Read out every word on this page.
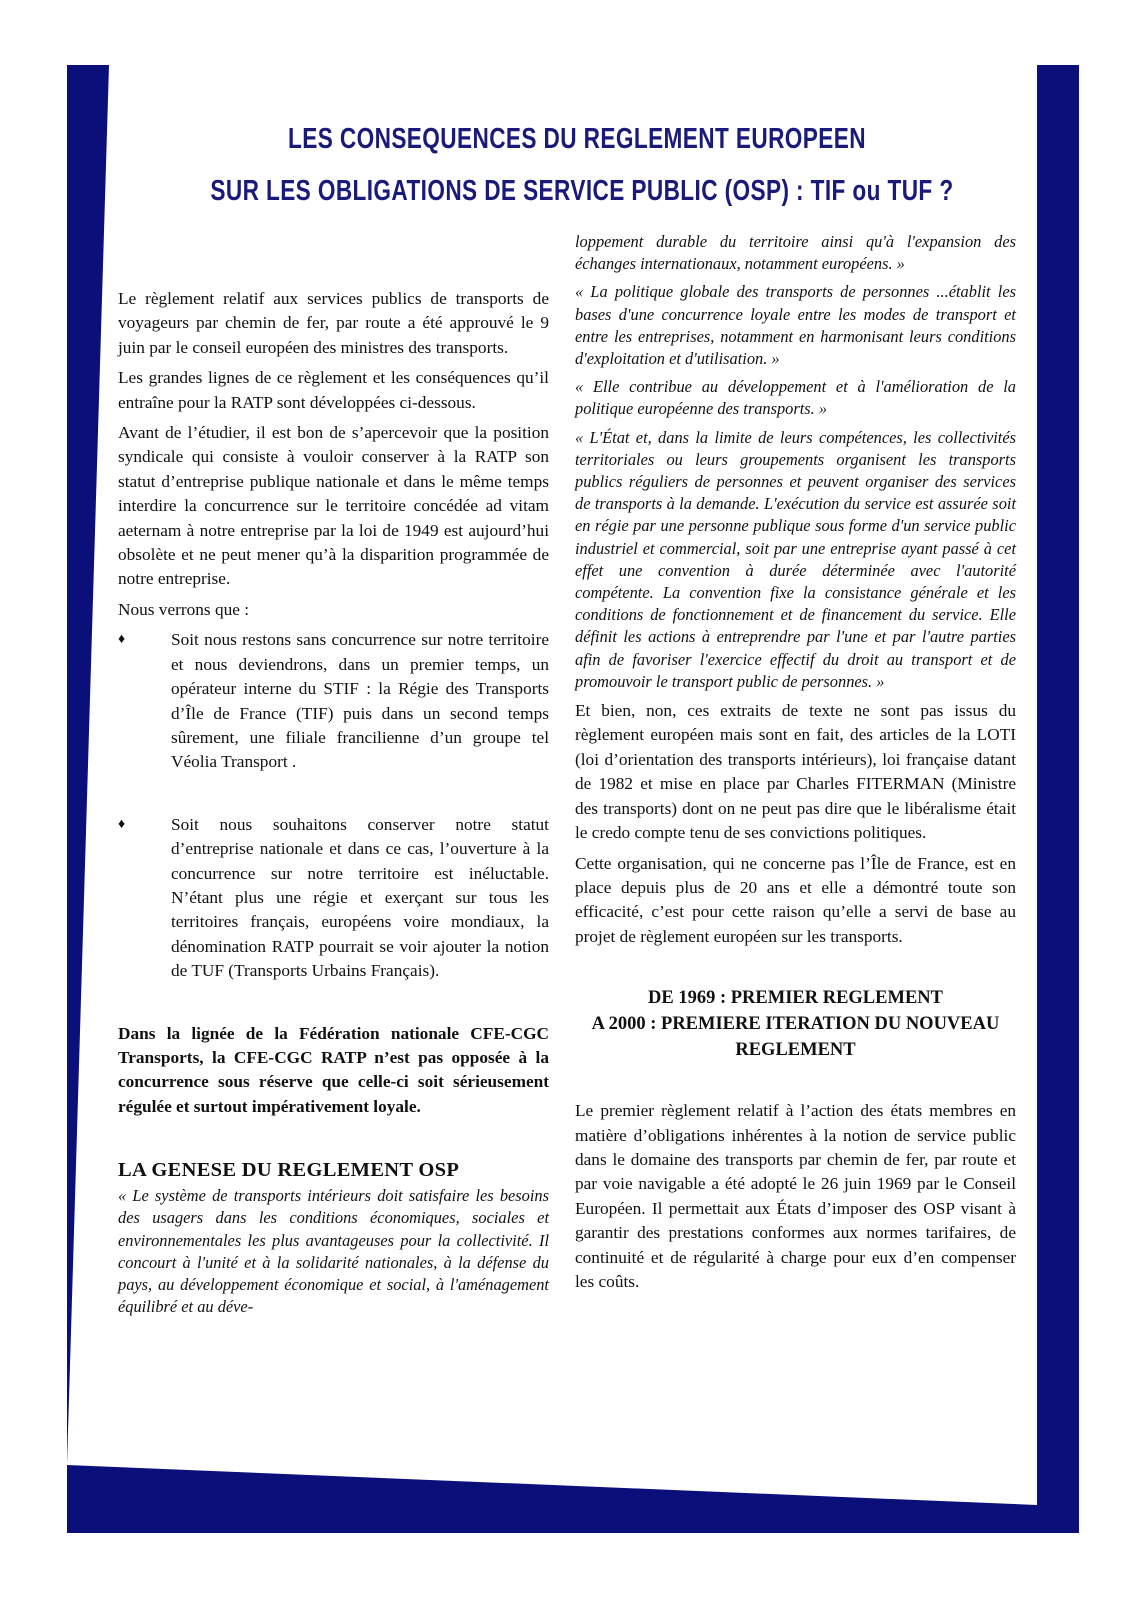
LES CONSEQUENCES DU REGLEMENT EUROPEEN
SUR LES OBLIGATIONS DE SERVICE PUBLIC (OSP) : TIF ou TUF ?

Le règlement relatif aux services publics de transports de voyageurs par chemin de fer, par route a été approuvé le 9 juin par le conseil européen des ministres des transports.

Les grandes lignes de ce règlement et les conséquences qu’il entraîne pour la RATP sont développées ci-dessous.

Avant de l’étudier, il est bon de s’apercevoir que la position syndicale qui consiste à vouloir conserver à la RATP son statut d’entreprise publique nationale et dans le même temps interdire la concurrence sur le territoire concédée ad vitam aeternam à notre entreprise par la loi de 1949 est aujourd’hui obsolète et ne peut mener qu’à la disparition programmée de notre entreprise.

Nous verrons que :

♦	Soit nous restons sans concurrence sur notre territoire et nous deviendrons, dans un premier temps, un opérateur interne du STIF : la Régie des Transports d’Île de France (TIF) puis dans un second temps sûrement, une filiale francilienne d’un groupe tel Véolia Transport .
♦	Soit nous souhaitons conserver notre statut d’entreprise nationale et dans ce cas, l’ouverture à la concurrence sur notre territoire est inéluctable. N’étant plus une régie et exerçant sur tous les territoires français, européens voire mondiaux, la dénomination RATP pourrait se voir ajouter la notion de TUF (Transports Urbains Français).

Dans la lignée de la Fédération nationale CFE-CGC Transports, la CFE-CGC RATP n’est pas opposée à la concurrence sous réserve que celle-ci soit sérieusement régulée et surtout impérativement loyale.

LA GENESE DU REGLEMENT OSP

« Le système de transports intérieurs doit satisfaire les besoins des usagers dans les conditions économiques, sociales et environnementales les plus avantageuses pour la collectivité. Il concourt à l'unité et à la solidarité nationales, à la défense du pays, au développement économique et social, à l'aménagement équilibré et au déve-

loppement durable du territoire ainsi qu'à l'expansion des échanges internationaux, notamment européens. »

« La politique globale des transports de personnes ...établit les bases d'une concurrence loyale entre les modes de transport et entre les entreprises, notamment en harmonisant leurs conditions d'exploitation et d'utilisation. »

« Elle contribue au développement et à l'amélioration de la politique européenne des transports. »

« L'État et, dans la limite de leurs compétences, les collectivités territoriales ou leurs groupements organisent les transports publics réguliers de personnes et peuvent organiser des services de transports à la demande. L'exécution du service est assurée soit en régie par une personne publique sous forme d'un service public industriel et commercial, soit par une entreprise ayant passé à cet effet une convention à durée déterminée avec l'autorité compétente. La convention fixe la consistance générale et les conditions de fonctionnement et de financement du service. Elle définit les actions à entreprendre par l'une et par l'autre parties afin de favoriser l'exercice effectif du droit au transport et de promouvoir le transport public de personnes. »

Et bien, non, ces extraits de texte ne sont pas issus du règlement européen mais sont en fait, des articles de la LOTI (loi d’orientation des transports intérieurs), loi française datant de 1982 et mise en place par Charles FITERMAN (Ministre des transports) dont on ne peut pas dire que le libéralisme était le credo compte tenu de ses convictions politiques.

Cette organisation, qui ne concerne pas l’Île de France, est en place depuis plus de 20 ans et elle a démontré toute son efficacité, c’est pour cette raison qu’elle a servi de base au projet de règlement européen sur les transports.

DE 1969 : PREMIER REGLEMENT
A 2000 : PREMIERE ITERATION DU NOUVEAU REGLEMENT

Le premier règlement relatif à l’action des états membres en matière d’obligations inhérentes à la notion de service public dans le domaine des transports par chemin de fer, par route et par voie navigable a été adopté le 26 juin 1969 par le Conseil Européen. Il permettait aux États d’imposer des OSP visant à garantir des prestations conformes aux normes tarifaires, de continuité et de régularité à charge pour eux d’en compenser les coûts.
